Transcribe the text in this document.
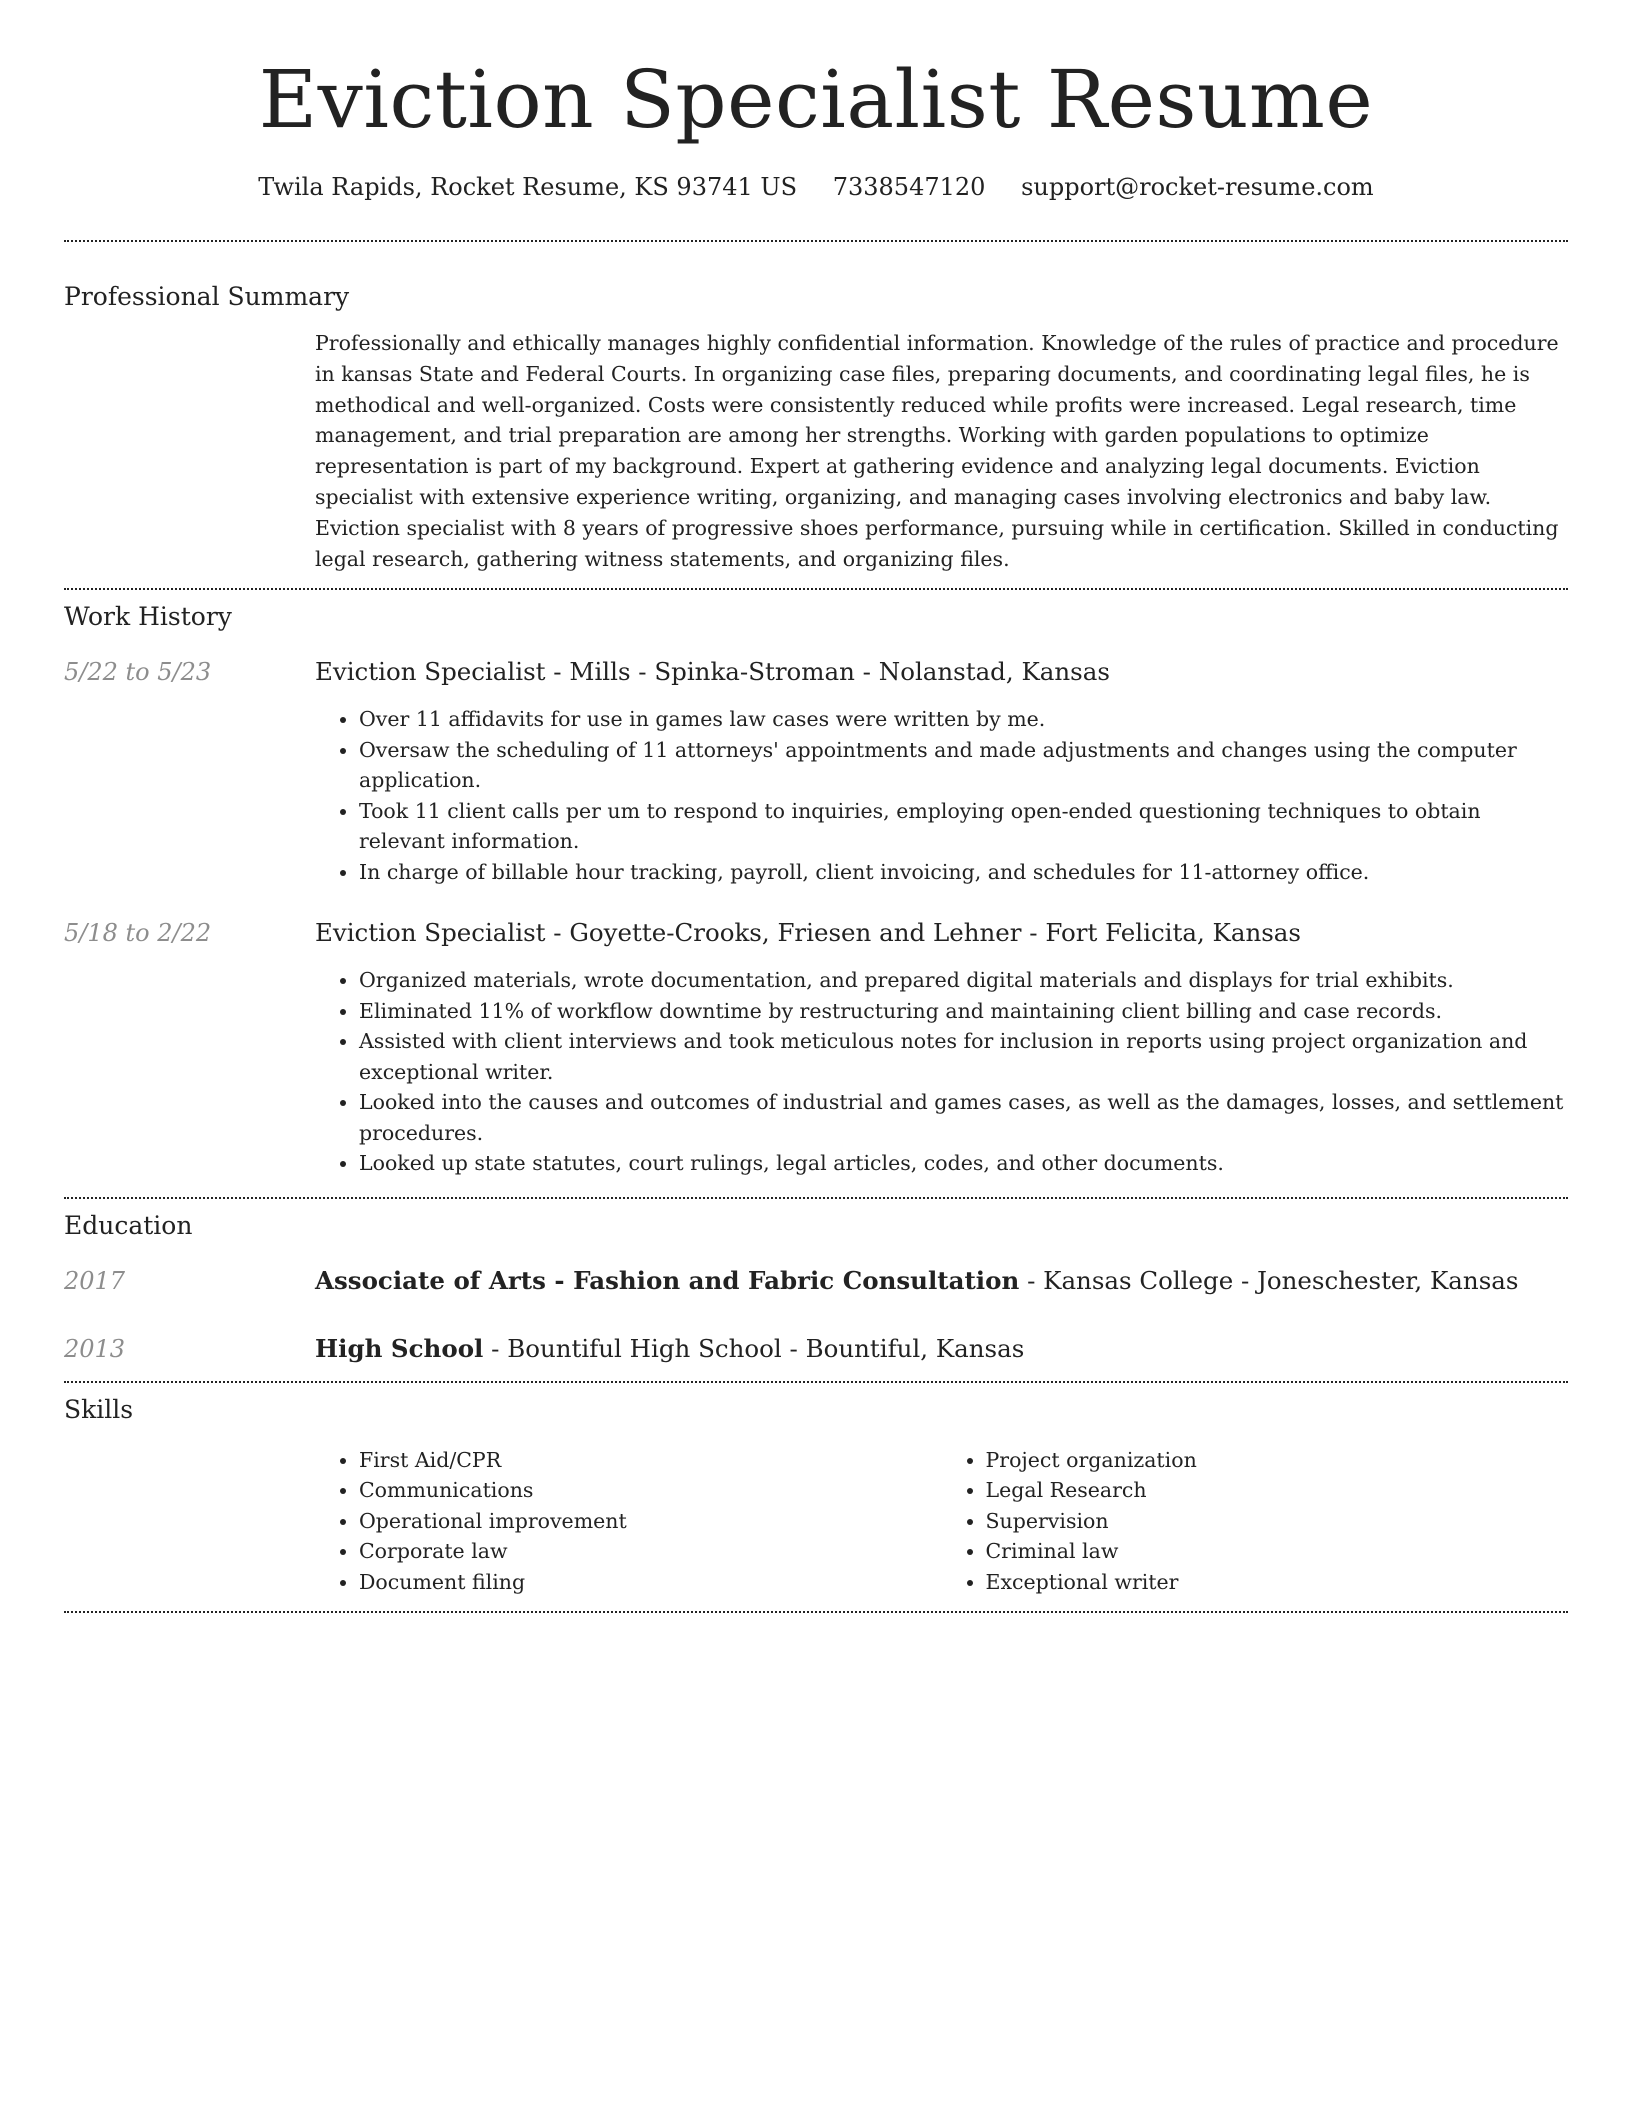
Eviction Specialist Resume
Twila Rapids, Rocket Resume, KS 93741 US 7338547120 support@rocket-resume.com
Professional Summary

Professionally and ethically manages highly confidential information. Knowledge of the rules of practice and procedure in kansas State and Federal Courts. In organizing case files, preparing documents, and coordinating legal files, he is methodical and well-organized. Costs were consistently reduced while profits were increased. Legal research, time management, and trial preparation are among her strengths. Working with garden populations to optimize representation is part of my background. Expert at gathering evidence and analyzing legal documents. Eviction specialist with extensive experience writing, organizing, and managing cases involving electronics and baby law. Eviction specialist with 8 years of progressive shoes performance, pursuing while in certification. Skilled in conducting legal research, gathering witness statements, and organizing files.

Work History
5/22 to 5/23	Eviction Specialist - Mills - Spinka-Stroman - Nolanstad, Kansas

• Over 11 affidavits for use in games law cases were written by me.
• Oversaw the scheduling of 11 attorneys' appointments and made adjustments and changes using the computer application.
• Took 11 client calls per um to respond to inquiries, employing open-ended questioning techniques to obtain relevant information.
• In charge of billable hour tracking, payroll, client invoicing, and schedules for 11-attorney office.
5/18 to 2/22	Eviction Specialist - Goyette-Crooks, Friesen and Lehner - Fort Felicita, Kansas

• Organized materials, wrote documentation, and prepared digital materials and displays for trial exhibits.
• Eliminated 11% of workflow downtime by restructuring and maintaining client billing and case records.
• Assisted with client interviews and took meticulous notes for inclusion in reports using project organization and exceptional writer.
• Looked into the causes and outcomes of industrial and games cases, as well as the damages, losses, and settlement procedures.
• Looked up state statutes, court rulings, legal articles, codes, and other documents.
Education
2017	Associate of Arts - Fashion and Fabric Consultation - Kansas College - Joneschester, Kansas

2013	High School - Bountiful High School - Bountiful, Kansas

Skills
• First Aid/CPR
• Communications
• Operational improvement
• Corporate law
• Document filing
• Project organization
• Legal Research
• Supervision
• Criminal law
• Exceptional writer
